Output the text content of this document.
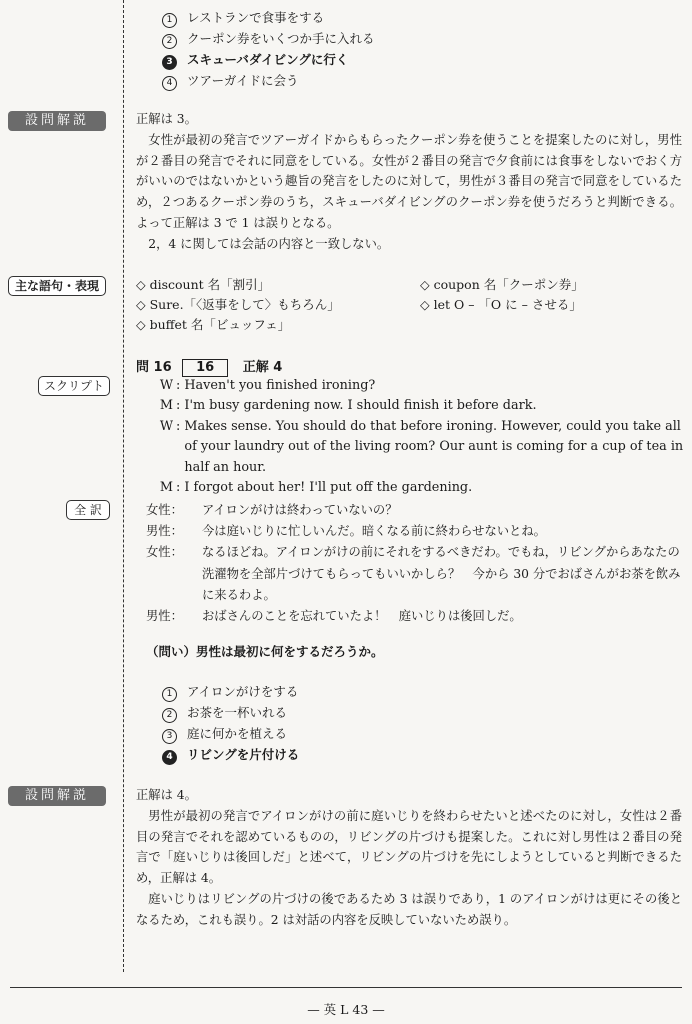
1 レストランで食事をする
2 クーポン券をいくつか手に入れる
3 スキューバダイビングに行く
4 ツアーガイドに会う
設問解説	正解は 3。

女性が最初の発言でツアーガイドからもらったクーポン券を使うことを提案したのに対し，男性が２番目の発言でそれに同意をしている。女性が２番目の発言で夕食前には食事をしないでおく方がいいのではないかという趣旨の発言をしたのに対して，男性が３番目の発言で同意をしているため，２つあるクーポン券のうち，スキューバダイビングのクーポン券を使うだろうと判断できる。よって正解は 3 で 1 は誤りとなる。

2，4 に関しては会話の内容と一致しない。

主な語句・表現	◇ discount 名「割引」	◇ coupon 名「クーポン券」
◇ Sure.「〈返事をして〉もちろん」	◇ let O – 「O に – させる」
◇ buffet 名「ビュッフェ」
問 16 16 正解 4
スクリプト	W : Haven't you finished ironing?
M : I'm busy gardening now. I should finish it before dark.
W : Makes sense. You should do that before ironing. However, could you take all of your laundry out of the living room? Our aunt is coming for a cup of tea in half an hour.
M : I forgot about her! I'll put off the gardening.
全 訳	女性：	アイロンがけは終わっていないの？
男性：	今は庭いじりに忙しいんだ。暗くなる前に終わらせないとね。
女性：	なるほどね。アイロンがけの前にそれをするべきだわ。でもね，リビングからあなたの洗濯物を全部片づけてもらってもいいかしら？　今から 30 分でおばさんがお茶を飲みに来るわよ。
男性：	おばさんのことを忘れていたよ！　庭いじりは後回しだ。
（問い）男性は最初に何をするだろうか。
1 アイロンがけをする
2 お茶を一杯いれる
3 庭に何かを植える
4 リビングを片付ける
設問解説	正解は 4。

男性が最初の発言でアイロンがけの前に庭いじりを終わらせたいと述べたのに対し，女性は２番目の発言でそれを認めているものの，リビングの片づけも提案した。これに対し男性は２番目の発言で「庭いじりは後回しだ」と述べて，リビングの片づけを先にしようとしていると判断できるため，正解は 4。

庭いじりはリビングの片づけの後であるため 3 は誤りであり，1 のアイロンがけは更にその後となるため，これも誤り。2 は対話の内容を反映していないため誤り。

— 英 L 43 —
